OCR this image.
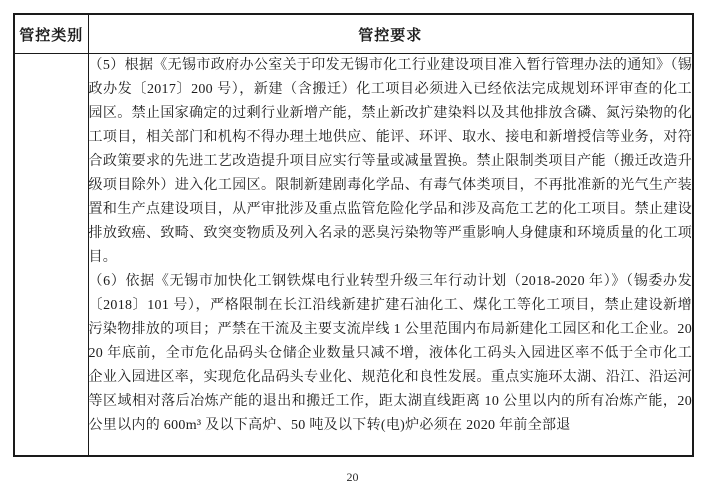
管控类别	管控要求

	（5）根据《无锡市政府办公室关于印发无锡市化工行业建设项目准入暂行管理办法的通知》（锡政办发〔2017〕200 号），新建（含搬迁）化工项目必须进入已经依法完成规划环评审查的化工园区。禁止国家确定的过剩行业新增产能，禁止新改扩建染料以及其他排放含磷、氮污染物的化工项目，相关部门和机构不得办理土地供应、能评、环评、取水、接电和新增授信等业务，对符合政策要求的先进工艺改造提升项目应实行等量或减量置换。禁止限制类项目产能（搬迁改造升级项目除外）进入化工园区。限制新建剧毒化学品、有毒气体类项目，不再批准新的光气生产装置和生产点建设项目，从严审批涉及重点监管危险化学品和涉及高危工艺的化工项目。禁止建设排放致癌、致畸、致突变物质及列入名录的恶臭污染物等严重影响人身健康和环境质量的化工项目。

（6）依据《无锡市加快化工钢铁煤电行业转型升级三年行动计划（2018-2020 年）》（锡委办发〔2018〕101 号），严格限制在长江沿线新建扩建石油化工、煤化工等化工项目，禁止建设新增污染物排放的项目；严禁在干流及主要支流岸线 1 公里范围内布局新建化工园区和化工企业。2020 年底前，全市危化品码头仓储企业数量只减不增，液体化工码头入园进区率不低于全市化工企业入园进区率，实现危化品码头专业化、规范化和良性发展。重点实施环太湖、沿江、沿运河等区域相对落后冶炼产能的退出和搬迁工作，距太湖直线距离 10 公里以内的所有冶炼产能，20 公里以内的 600m³ 及以下高炉、50 吨及以下转(电)炉必须在 2020 年前全部退

20
